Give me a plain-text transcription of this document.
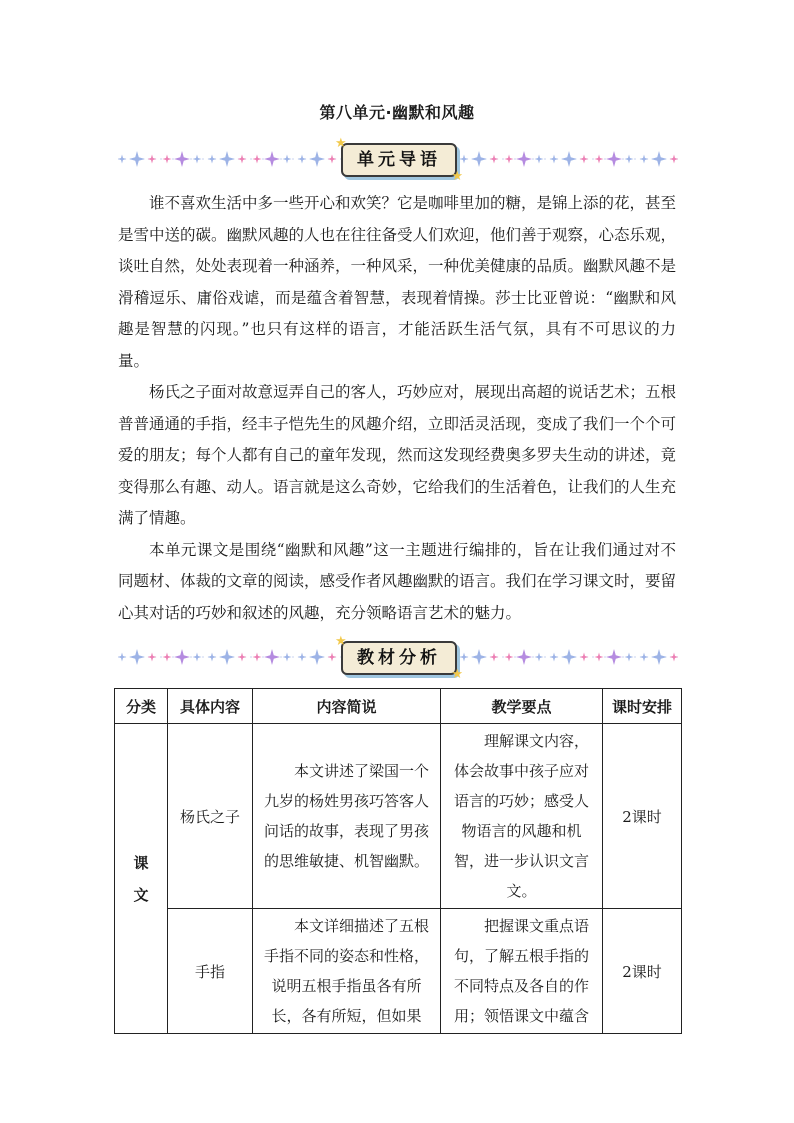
第八单元·幽默和风趣
★
单元导语
★

谁不喜欢生活中多一些开心和欢笑？它是咖啡里加的糖，是锦上添的花，甚至是雪中送的碳。幽默风趣的人也在往往备受人们欢迎，他们善于观察，心态乐观，谈吐自然，处处表现着一种涵养，一种风采，一种优美健康的品质。幽默风趣不是滑稽逗乐、庸俗戏谑，而是蕴含着智慧，表现着情操。莎士比亚曾说：“幽默和风趣是智慧的闪现。”也只有这样的语言，才能活跃生活气氛，具有不可思议的力量。

杨氏之子面对故意逗弄自己的客人，巧妙应对，展现出高超的说话艺术；五根普普通通的手指，经丰子恺先生的风趣介绍，立即活灵活现，变成了我们一个个可爱的朋友；每个人都有自己的童年发现，然而这发现经费奥多罗夫生动的讲述，竟变得那么有趣、动人。语言就是这么奇妙，它给我们的生活着色，让我们的人生充满了情趣。

本单元课文是围绕“幽默和风趣”这一主题进行编排的，旨在让我们通过对不同题材、体裁的文章的阅读，感受作者风趣幽默的语言。我们在学习课文时，要留心其对话的巧妙和叙述的风趣，充分领略语言艺术的魅力。

★
教材分析
★
分类	具体内容	内容简说	教学要点	课时安排
课文	杨氏之子	本文讲述了梁国一个九岁的杨姓男孩巧答客人问话的故事，表现了男孩的思维敏捷、机智幽默。	理解课文内容，体会故事中孩子应对语言的巧妙；感受人物语言的风趣和机智，进一步认识文言文。	2课时
	手指	本文详细描述了五根手指不同的姿态和性格，说明五根手指虽各有所长，各有所短，但如果	把握课文重点语句，了解五根手指的不同特点及各自的作用；领悟课文中蕴含	2课时
